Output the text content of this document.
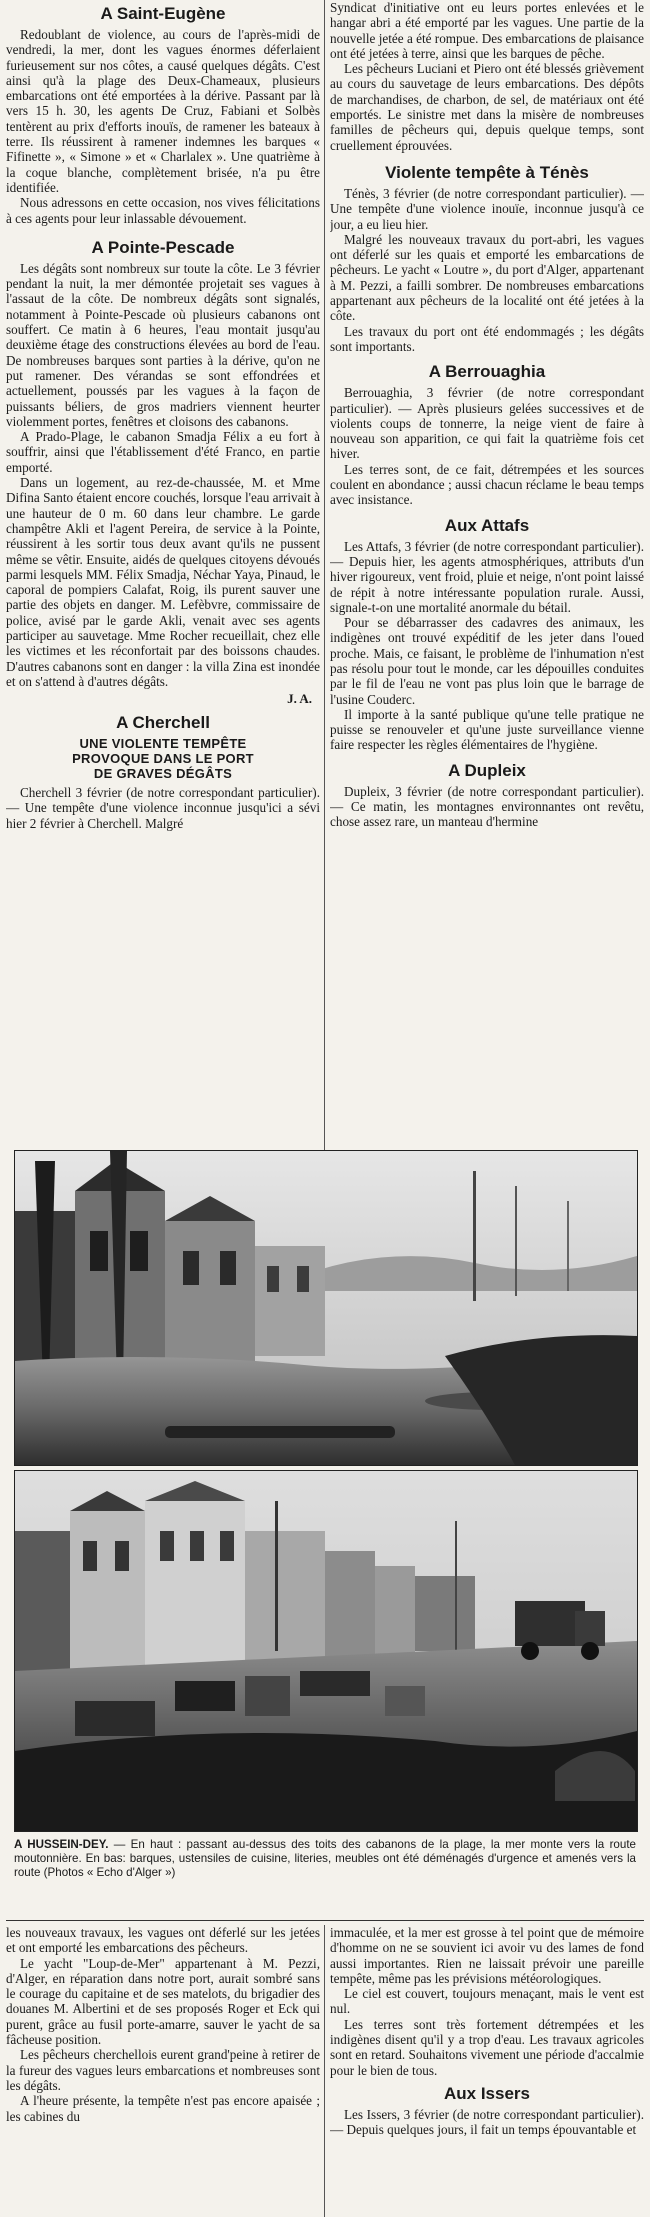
A Saint-Eugène

Redoublant de violence, au cours de l'après-midi de vendredi, la mer, dont les vagues énormes déferlaient furieusement sur nos côtes, a causé quelques dégâts. C'est ainsi qu'à la plage des Deux-Chameaux, plusieurs embarcations ont été emportées à la dérive. Passant par là vers 15 h. 30, les agents De Cruz, Fabiani et Solbès tentèrent au prix d'efforts inouïs, de ramener les bateaux à terre. Ils réussirent à ramener indemnes les barques « Fifinette », « Simone » et « Charlalex ». Une quatrième à la coque blanche, complètement brisée, n'a pu être identifiée.

Nous adressons en cette occasion, nos vives félicitations à ces agents pour leur inlassable dévouement.

A Pointe-Pescade

Les dégâts sont nombreux sur toute la côte. Le 3 février pendant la nuit, la mer démontée projetait ses vagues à l'assaut de la côte. De nombreux dégâts sont signalés, notamment à Pointe-Pescade où plusieurs cabanons ont souffert. Ce matin à 6 heures, l'eau montait jusqu'au deuxième étage des constructions élevées au bord de l'eau. De nombreuses barques sont parties à la dérive, qu'on ne put ramener. Des vérandas se sont effondrées et actuellement, poussés par les vagues à la façon de puissants béliers, de gros madriers viennent heurter violemment portes, fenêtres et cloisons des cabanons.

A Prado-Plage, le cabanon Smadja Félix a eu fort à souffrir, ainsi que l'établissement d'été Franco, en partie emporté.

Dans un logement, au rez-de-chaussée, M. et Mme Difina Santo étaient encore couchés, lorsque l'eau arrivait à une hauteur de 0 m. 60 dans leur chambre. Le garde champêtre Akli et l'agent Pereira, de service à la Pointe, réussirent à les sortir tous deux avant qu'ils ne pussent même se vêtir. Ensuite, aidés de quelques citoyens dévoués parmi lesquels MM. Félix Smadja, Néchar Yaya, Pinaud, le caporal de pompiers Calafat, Roig, ils purent sauver une partie des objets en danger. M. Lefèbvre, commissaire de police, avisé par le garde Akli, venait avec ses agents participer au sauvetage. Mme Rocher recueillait, chez elle les victimes et les réconfortait par des boissons chaudes. D'autres cabanons sont en danger : la villa Zina est inondée et on s'attend à d'autres dégâts.

J. A.
A Cherchell
UNE VIOLENTE TEMPÊTE
PROVOQUE DANS LE PORT
DE GRAVES DÉGÂTS

Cherchell 3 février (de notre correspondant particulier). — Une tempête d'une violence inconnue jusqu'ici a sévi hier 2 février à Cherchell. Malgré

Syndicat d'initiative ont eu leurs portes enlevées et le hangar abri a été emporté par les vagues. Une partie de la nouvelle jetée a été rompue. Des embarcations de plaisance ont été jetées à terre, ainsi que les barques de pêche.

Les pêcheurs Luciani et Piero ont été blessés grièvement au cours du sauvetage de leurs embarcations. Des dépôts de marchandises, de charbon, de sel, de matériaux ont été emportés. Le sinistre met dans la misère de nombreuses familles de pêcheurs qui, depuis quelque temps, sont cruellement éprouvées.

Violente tempête à Ténès

Ténès, 3 février (de notre correspondant particulier). — Une tempête d'une violence inouïe, inconnue jusqu'à ce jour, a eu lieu hier.

Malgré les nouveaux travaux du port-abri, les vagues ont déferlé sur les quais et emporté les embarcations de pêcheurs. Le yacht « Loutre », du port d'Alger, appartenant à M. Pezzi, a failli sombrer. De nombreuses embarcations appartenant aux pêcheurs de la localité ont été jetées à la côte.

Les travaux du port ont été endommagés ; les dégâts sont importants.

A Berrouaghia

Berrouaghia, 3 février (de notre correspondant particulier). — Après plusieurs gelées successives et de violents coups de tonnerre, la neige vient de faire à nouveau son apparition, ce qui fait la quatrième fois cet hiver.

Les terres sont, de ce fait, détrempées et les sources coulent en abondance ; aussi chacun réclame le beau temps avec insistance.

Aux Attafs

Les Attafs, 3 février (de notre correspondant particulier). — Depuis hier, les agents atmosphériques, attributs d'un hiver rigoureux, vent froid, pluie et neige, n'ont point laissé de répit à notre intéressante population rurale. Aussi, signale-t-on une mortalité anormale du bétail.

Pour se débarrasser des cadavres des animaux, les indigènes ont trouvé expéditif de les jeter dans l'oued proche. Mais, ce faisant, le problème de l'inhumation n'est pas résolu pour tout le monde, car les dépouilles conduites par le fil de l'eau ne vont pas plus loin que le barrage de l'usine Couderc.

Il importe à la santé publique qu'une telle pratique ne puisse se renouveler et qu'une juste surveillance vienne faire respecter les règles élémentaires de l'hygiène.

A Dupleix

Dupleix, 3 février (de notre correspondant particulier). — Ce matin, les montagnes environnantes ont revêtu, chose assez rare, un manteau d'hermine

A HUSSEIN-DEY. — En haut : passant au-dessus des toits des cabanons de la plage, la mer monte vers la route moutonnière. En bas: barques, ustensiles de cuisine, literies, meubles ont été déménagés d'urgence et amenés vers la route (Photos « Echo d'Alger »)

les nouveaux travaux, les vagues ont déferlé sur les jetées et ont emporté les embarcations des pêcheurs.

Le yacht "Loup-de-Mer" appartenant à M. Pezzi, d'Alger, en réparation dans notre port, aurait sombré sans le courage du capitaine et de ses matelots, du brigadier des douanes M. Albertini et de ses proposés Roger et Eck qui purent, grâce au fusil porte-amarre, sauver le yacht de sa fâcheuse position.

Les pêcheurs cherchellois eurent grand'peine à retirer de la fureur des vagues leurs embarcations et nombreuses sont les dégâts.

A l'heure présente, la tempête n'est pas encore apaisée ; les cabines du

immaculée, et la mer est grosse à tel point que de mémoire d'homme on ne se souvient ici avoir vu des lames de fond aussi importantes. Rien ne laissait prévoir une pareille tempête, même pas les prévisions météorologiques.

Le ciel est couvert, toujours menaçant, mais le vent est nul.

Les terres sont très fortement détrempées et les indigènes disent qu'il y a trop d'eau. Les travaux agricoles sont en retard. Souhaitons vivement une période d'accalmie pour le bien de tous.

Aux Issers

Les Issers, 3 février (de notre correspondant particulier). — Depuis quelques jours, il fait un temps épouvantable et
